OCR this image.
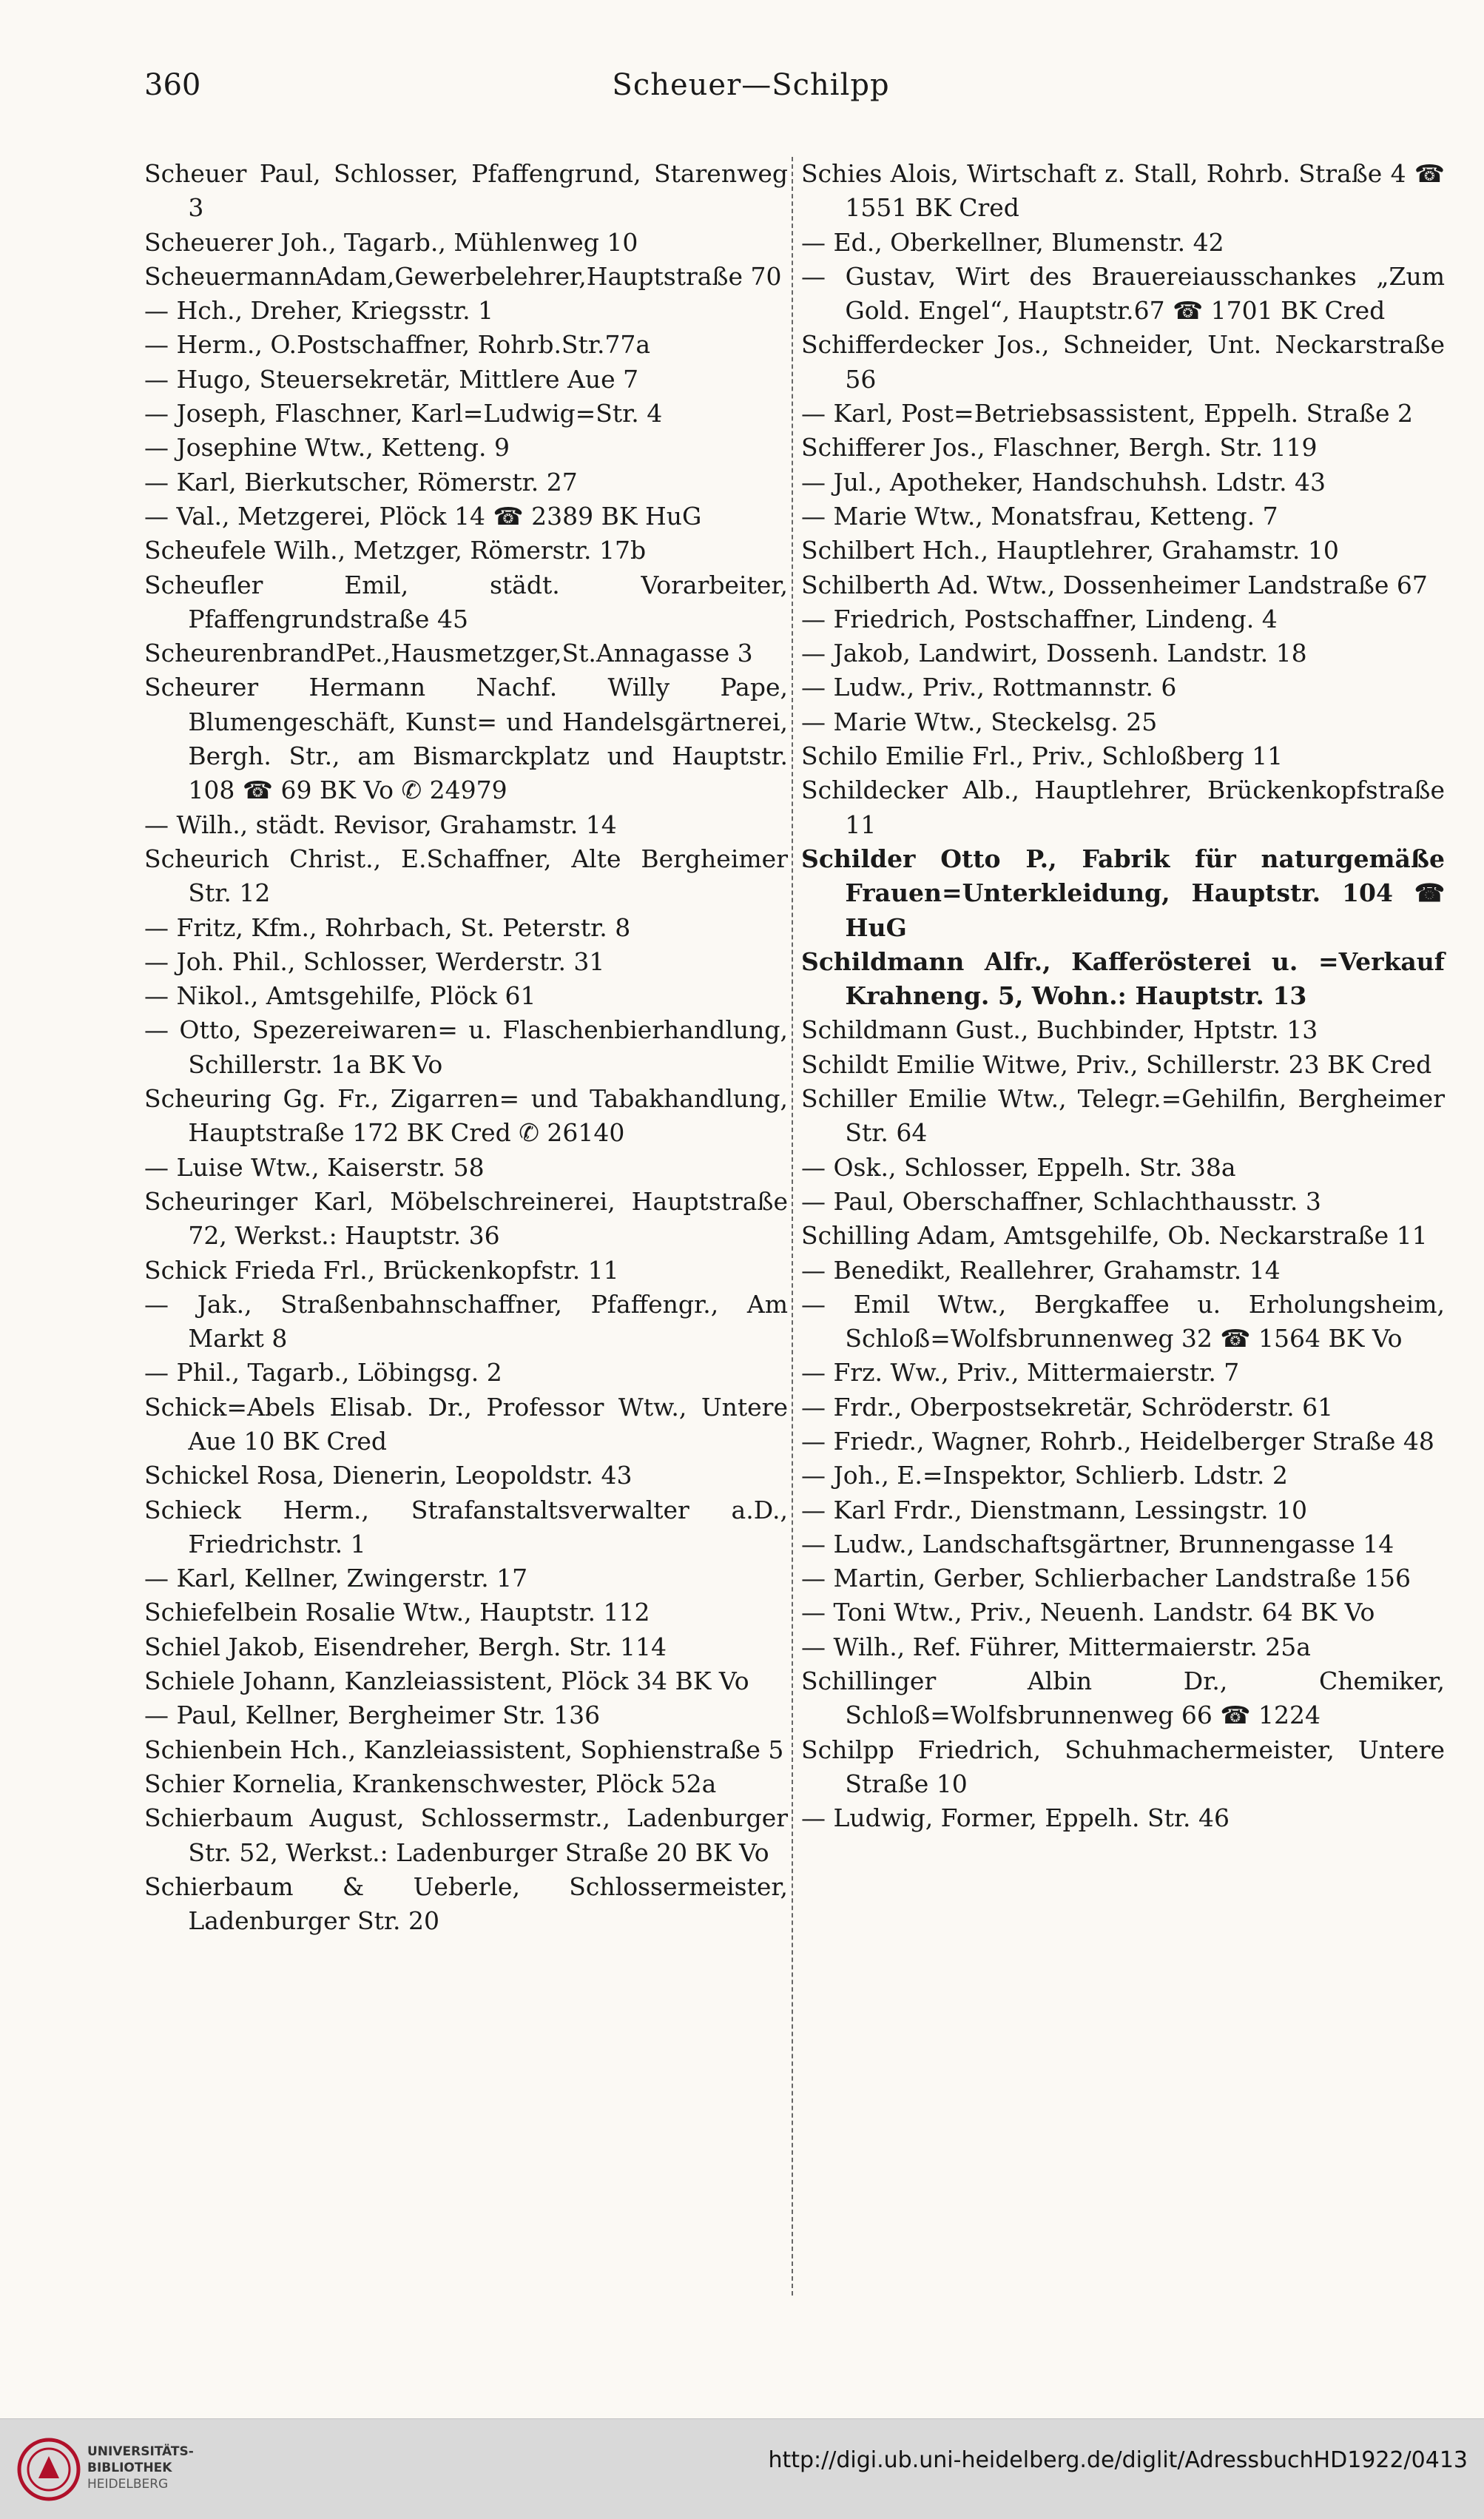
360	Scheuer—Schilpp
Scheuer Paul, Schlosser, Pfaffengrund, Starenweg 3
Scheuerer Joh., Tagarb., Mühlenweg 10
ScheuermannAdam,Gewerbelehrer,Hauptstraße 70
— Hch., Dreher, Kriegsstr. 1
— Herm., O.Postschaffner, Rohrb.Str.77a
— Hugo, Steuersekretär, Mittlere Aue 7
— Joseph, Flaschner, Karl=Ludwig=Str. 4
— Josephine Wtw., Ketteng. 9
— Karl, Bierkutscher, Römerstr. 27
— Val., Metzgerei, Plöck 14 ☎ 2389 BK HuG
Scheufele Wilh., Metzger, Römerstr. 17b
Scheufler Emil, städt. Vorarbeiter, Pfaffengrundstraße 45
ScheurenbrandPet.,Hausmetzger,St.Annagasse 3
Scheurer Hermann Nachf. Willy Pape, Blumengeschäft, Kunst= und Handelsgärtnerei, Bergh. Str., am Bismarckplatz und Hauptstr. 108 ☎ 69 BK Vo ✆ 24979
— Wilh., städt. Revisor, Grahamstr. 14
Scheurich Christ., E.Schaffner, Alte Bergheimer Str. 12
— Fritz, Kfm., Rohrbach, St. Peterstr. 8
— Joh. Phil., Schlosser, Werderstr. 31
— Nikol., Amtsgehilfe, Plöck 61
— Otto, Spezereiwaren= u. Flaschenbierhandlung, Schillerstr. 1a BK Vo
Scheuring Gg. Fr., Zigarren= und Tabakhandlung, Hauptstraße 172 BK Cred ✆ 26140
— Luise Wtw., Kaiserstr. 58
Scheuringer Karl, Möbelschreinerei, Hauptstraße 72, Werkst.: Hauptstr. 36
Schick Frieda Frl., Brückenkopfstr. 11
— Jak., Straßenbahnschaffner, Pfaffengr., Am Markt 8
— Phil., Tagarb., Löbingsg. 2
Schick=Abels Elisab. Dr., Professor Wtw., Untere Aue 10 BK Cred
Schickel Rosa, Dienerin, Leopoldstr. 43
Schieck Herm., Strafanstaltsverwalter a.D., Friedrichstr. 1
— Karl, Kellner, Zwingerstr. 17
Schiefelbein Rosalie Wtw., Hauptstr. 112
Schiel Jakob, Eisendreher, Bergh. Str. 114
Schiele Johann, Kanzleiassistent, Plöck 34 BK Vo
— Paul, Kellner, Bergheimer Str. 136
Schienbein Hch., Kanzleiassistent, Sophienstraße 5
Schier Kornelia, Krankenschwester, Plöck 52a
Schierbaum August, Schlossermstr., Ladenburger Str. 52, Werkst.: Ladenburger Straße 20 BK Vo
Schierbaum & Ueberle, Schlossermeister, Ladenburger Str. 20
Schies Alois, Wirtschaft z. Stall, Rohrb. Straße 4 ☎ 1551 BK Cred
— Ed., Oberkellner, Blumenstr. 42
— Gustav, Wirt des Brauereiausschankes „Zum Gold. Engel“, Hauptstr.67 ☎ 1701 BK Cred
Schifferdecker Jos., Schneider, Unt. Neckarstraße 56
— Karl, Post=Betriebsassistent, Eppelh. Straße 2
Schifferer Jos., Flaschner, Bergh. Str. 119
— Jul., Apotheker, Handschuhsh. Ldstr. 43
— Marie Wtw., Monatsfrau, Ketteng. 7
Schilbert Hch., Hauptlehrer, Grahamstr. 10
Schilberth Ad. Wtw., Dossenheimer Landstraße 67
— Friedrich, Postschaffner, Lindeng. 4
— Jakob, Landwirt, Dossenh. Landstr. 18
— Ludw., Priv., Rottmannstr. 6
— Marie Wtw., Steckelsg. 25
Schilo Emilie Frl., Priv., Schloßberg 11
Schildecker Alb., Hauptlehrer, Brückenkopfstraße 11
Schilder Otto P., Fabrik für naturgemäße Frauen=Unterkleidung, Hauptstr. 104 ☎ HuG
Schildmann Alfr., Kafferösterei u. =Verkauf Krahneng. 5, Wohn.: Hauptstr. 13
Schildmann Gust., Buchbinder, Hptstr. 13
Schildt Emilie Witwe, Priv., Schillerstr. 23 BK Cred
Schiller Emilie Wtw., Telegr.=Gehilfin, Bergheimer Str. 64
— Osk., Schlosser, Eppelh. Str. 38a
— Paul, Oberschaffner, Schlachthausstr. 3
Schilling Adam, Amtsgehilfe, Ob. Neckarstraße 11
— Benedikt, Reallehrer, Grahamstr. 14
— Emil Wtw., Bergkaffee u. Erholungsheim, Schloß=Wolfsbrunnenweg 32 ☎ 1564 BK Vo
— Frz. Ww., Priv., Mittermaierstr. 7
— Frdr., Oberpostsekretär, Schröderstr. 61
— Friedr., Wagner, Rohrb., Heidelberger Straße 48
— Joh., E.=Inspektor, Schlierb. Ldstr. 2
— Karl Frdr., Dienstmann, Lessingstr. 10
— Ludw., Landschaftsgärtner, Brunnengasse 14
— Martin, Gerber, Schlierbacher Landstraße 156
— Toni Wtw., Priv., Neuenh. Landstr. 64 BK Vo
— Wilh., Ref. Führer, Mittermaierstr. 25a
Schillinger Albin Dr., Chemiker, Schloß=Wolfsbrunnenweg 66 ☎ 1224
Schilpp Friedrich, Schuhmachermeister, Untere Straße 10
— Ludwig, Former, Eppelh. Str. 46
UNIVERSITÄTS-
BIBLIOTHEK
HEIDELBERG
http://digi.ub.uni-heidelberg.de/diglit/AdressbuchHD1922/0413
